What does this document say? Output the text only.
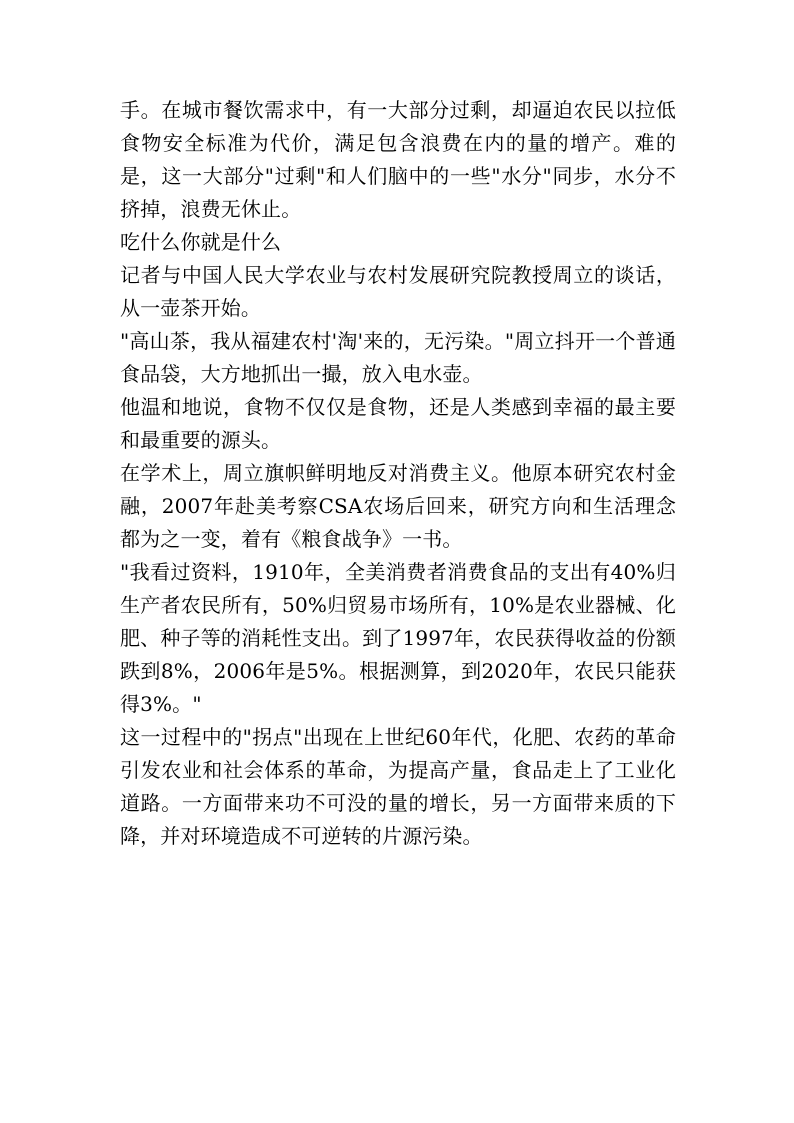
手。在城市餐饮需求中，有一大部分过剩，却逼迫农民以拉低食物安全标准为代价，满足包含浪费在内的量的增产。难的是，这一大部分"过剩"和人们脑中的一些"水分"同步，水分不挤掉，浪费无休止。

吃什么你就是什么

记者与中国人民大学农业与农村发展研究院教授周立的谈话，从一壶茶开始。

"高山茶，我从福建农村'淘'来的，无污染。"周立抖开一个普通食品袋，大方地抓出一撮，放入电水壶。

他温和地说，食物不仅仅是食物，还是人类感到幸福的最主要和最重要的源头。

在学术上，周立旗帜鲜明地反对消费主义。他原本研究农村金融，2007年赴美考察CSA农场后回来，研究方向和生活理念都为之一变，着有《粮食战争》一书。

"我看过资料，1910年，全美消费者消费食品的支出有40%归生产者农民所有，50%归贸易市场所有，10%是农业器械、化肥、种子等的消耗性支出。到了1997年，农民获得收益的份额跌到8%，2006年是5%。根据测算，到2020年，农民只能获得3%。"

这一过程中的"拐点"出现在上世纪60年代，化肥、农药的革命引发农业和社会体系的革命，为提高产量，食品走上了工业化道路。一方面带来功不可没的量的增长，另一方面带来质的下降，并对环境造成不可逆转的片源污染。
